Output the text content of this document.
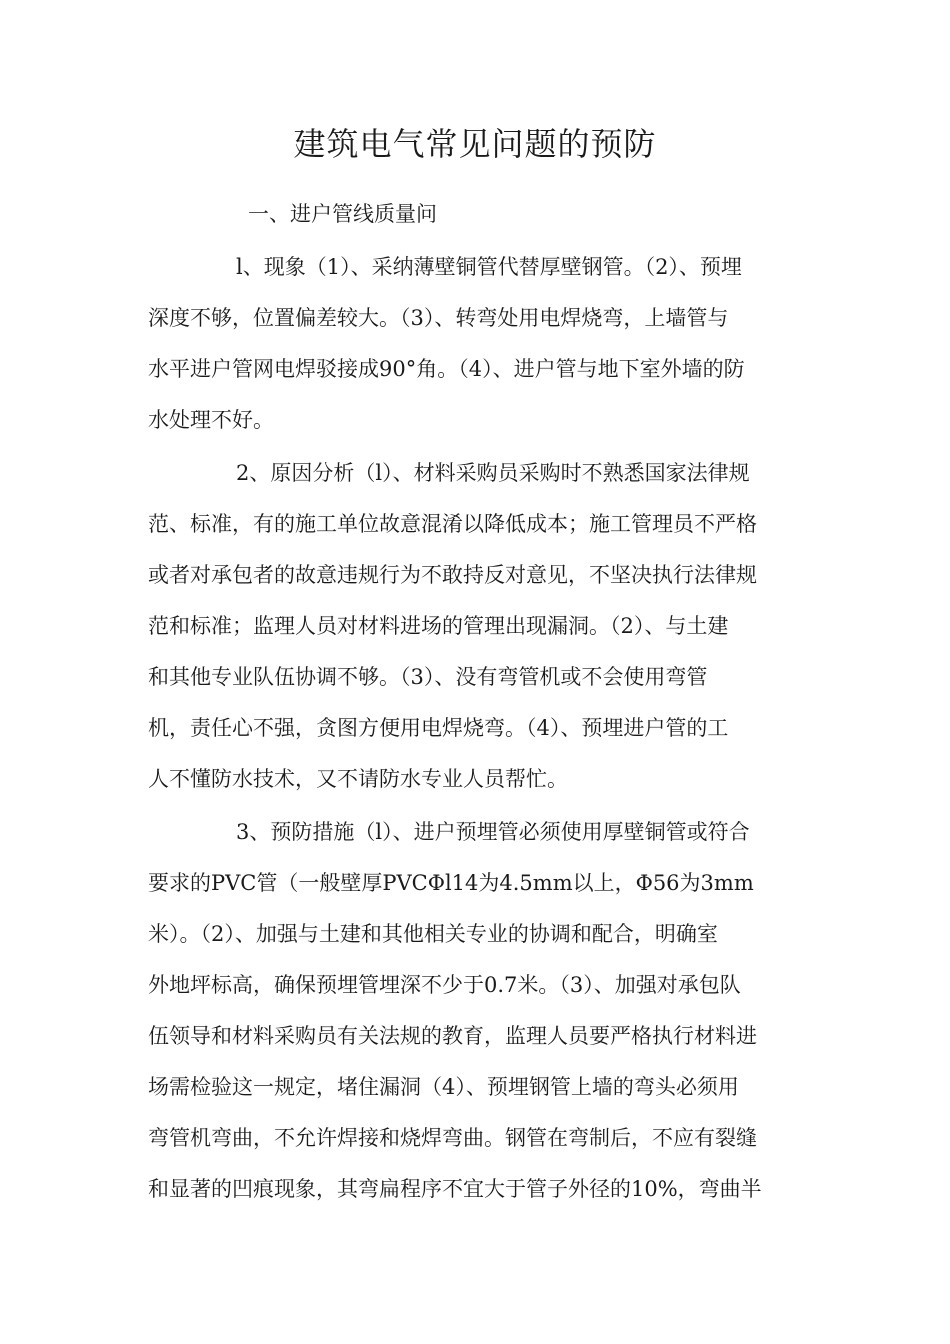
建筑电气常见问题的预防
一、进户管线质量问
l、现象（1）、采纳薄壁铜管代替厚壁钢管。（2）、预埋
深度不够，位置偏差较大。（3）、转弯处用电焊烧弯，上墙管与
水平进户管网电焊驳接成90°角。（4）、进户管与地下室外墙的防
水处理不好。
2、原因分析（l）、材料采购员采购时不熟悉国家法律规
范、标准，有的施工单位故意混淆以降低成本；施工管理员不严格
或者对承包者的故意违规行为不敢持反对意见，不坚决执行法律规
范和标准；监理人员对材料进场的管理出现漏洞。（2）、与土建
和其他专业队伍协调不够。（3）、没有弯管机或不会使用弯管
机，责任心不强，贪图方便用电焊烧弯。（4）、预埋进户管的工
人不懂防水技术，又不请防水专业人员帮忙。
3、预防措施（l）、进户预埋管必须使用厚壁铜管或符合
要求的PVC管（一般壁厚PVCΦl14为4.5mm以上，Φ56为3mm
米）。（2）、加强与土建和其他相关专业的协调和配合，明确室
外地坪标高，确保预埋管埋深不少于0.7米。（3）、加强对承包队
伍领导和材料采购员有关法规的教育，监理人员要严格执行材料进
场需检验这一规定，堵住漏洞（4）、预埋钢管上墙的弯头必须用
弯管机弯曲，不允许焊接和烧焊弯曲。钢管在弯制后，不应有裂缝
和显著的凹痕现象，其弯扁程序不宜大于管子外径的10%，弯曲半
